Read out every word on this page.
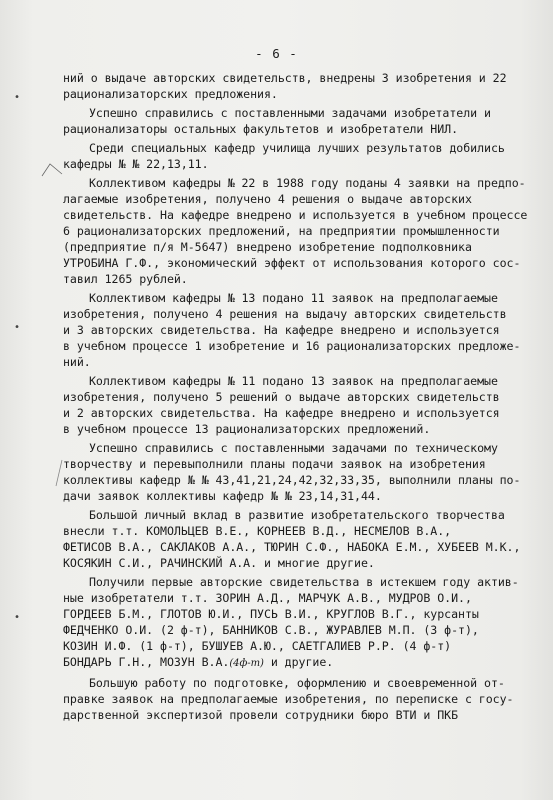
- 6 -
•
•
•

ний о выдаче авторских свидетельств, внедрены 3 изобретения и 22
рационализаторских предложения.

Успешно справились с поставленными задачами изобретатели и
рационализаторы остальных факультетов и изобретатели НИЛ.

Среди специальных кафедр училища лучших результатов добились
кафедры № № 22,13,11.

Коллективом кафедры № 22 в 1988 году поданы 4 заявки на предпо-
лагаемые изобретения, получено 4 решения о выдаче авторских
свидетельств. На кафедре внедрено и используется в учебном процессе
6 рационализаторских предложений, на предприятии промышленности
(предприятие п/я М-5647) внедрено изобретение подполковника
УТРОБИНА Г.Ф., экономический эффект от использования которого сос-
тавил 1265 рублей.

Коллективом кафедры № 13 подано 11 заявок на предполагаемые
изобретения, получено 4 решения на выдачу авторских свидетельств
и 3 авторских свидетельства. На кафедре внедрено и используется
в учебном процессе 1 изобретение и 16 рационализаторских предложе-
ний.

Коллективом кафедры № 11 подано 13 заявок на предполагаемые
изобретения, получено 5 решений о выдаче авторских свидетельств
и 2 авторских свидетельства. На кафедре внедрено и используется
в учебном процессе 13 рационализаторских предложений.

Успешно справились с поставленными задачами по техническому
творчеству и перевыполнили планы подачи заявок на изобретения
коллективы кафедр № № 43,41,21,24,42,32,33,35, выполнили планы по-
дачи заявок коллективы кафедр № № 23,14,31,44.

Большой личный вклад в развитие изобретательского творчества
внесли т.т. КОМОЛЬЦЕВ В.Е., КОРНЕЕВ В.Д., НЕСМЕЛОВ В.А.,
ФЕТИСОВ В.А., САКЛАКОВ А.А., ТЮРИН С.Ф., НАБОКА Е.М., ХУБЕЕВ М.К.,
КОСЯКИН С.И., РАЧИНСКИЙ А.А. и многие другие.

Получили первые авторские свидетельства в истекшем году актив-
ные изобретатели т.т. ЗОРИН А.Д., МАРЧУК А.В., МУДРОВ О.И.,
ГОРДЕЕВ Б.М., ГЛОТОВ Ю.И., ПУСЬ В.И., КРУГЛОВ В.Г., курсанты
ФЕДЧЕНКО О.И. (2 ф-т), БАННИКОВ С.В., ЖУРАВЛЕВ М.П. (3 ф-т),
КОЗИН И.Ф. (1 ф-т), БУШУЕВ А.Ю., САЕТГАЛИЕВ Р.Р. (4 ф-т)
БОНДАРЬ Г.Н., МОЗУН В.А.(4ф-т) и другие.

Большую работу по подготовке, оформлению и своевременной от-
правке заявок на предполагаемые изобретения, по переписке с госу-
дарственной экспертизой провели сотрудники бюро ВТИ и ПКБ
